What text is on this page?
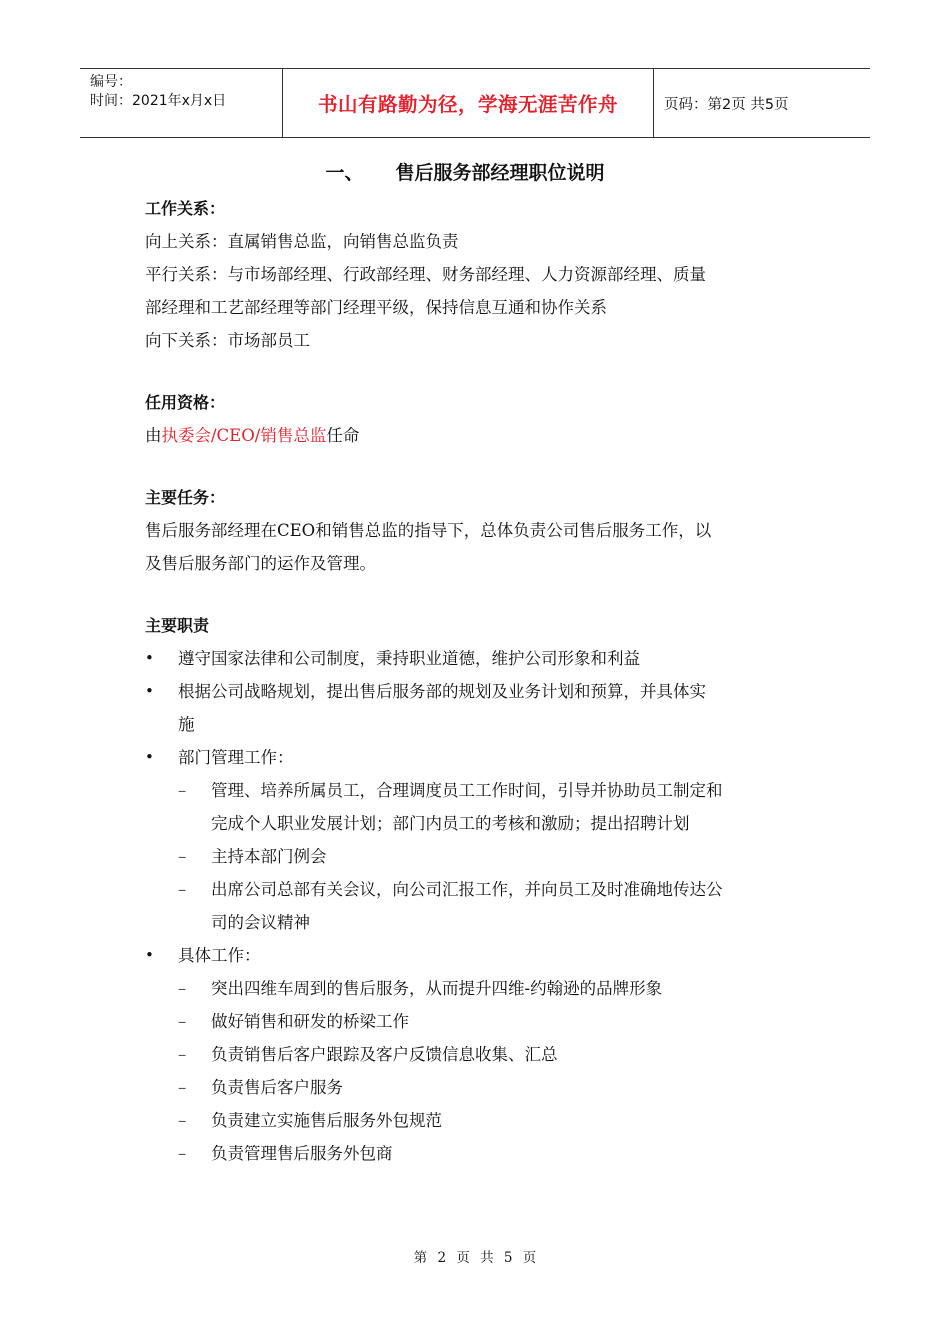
编号：
时间：2021年x月x日	书山有路勤为径，学海无涯苦作舟	页码：第2页 共5页
一、 售后服务部经理职位说明
工作关系：
向上关系：直属销售总监，向销售总监负责
平行关系：与市场部经理、行政部经理、财务部经理、人力资源部经理、质量
部经理和工艺部经理等部门经理平级，保持信息互通和协作关系
向下关系：市场部员工
任用资格：
由执委会/CEO/销售总监任命
主要任务：
售后服务部经理在CEO和销售总监的指导下，总体负责公司售后服务工作，以
及售后服务部门的运作及管理。
主要职责
• 遵守国家法律和公司制度，秉持职业道德，维护公司形象和利益
• 根据公司战略规划，提出售后服务部的规划及业务计划和预算，并具体实
施
• 部门管理工作：
– 管理、培养所属员工，合理调度员工工作时间，引导并协助员工制定和
完成个人职业发展计划；部门内员工的考核和激励；提出招聘计划
– 主持本部门例会
– 出席公司总部有关会议，向公司汇报工作，并向员工及时准确地传达公
司的会议精神
• 具体工作：
– 突出四维车周到的售后服务，从而提升四维-约翰逊的品牌形象
– 做好销售和研发的桥梁工作
– 负责销售后客户跟踪及客户反馈信息收集、汇总
– 负责售后客户服务
– 负责建立实施售后服务外包规范
– 负责管理售后服务外包商
第 2 页 共 5 页
